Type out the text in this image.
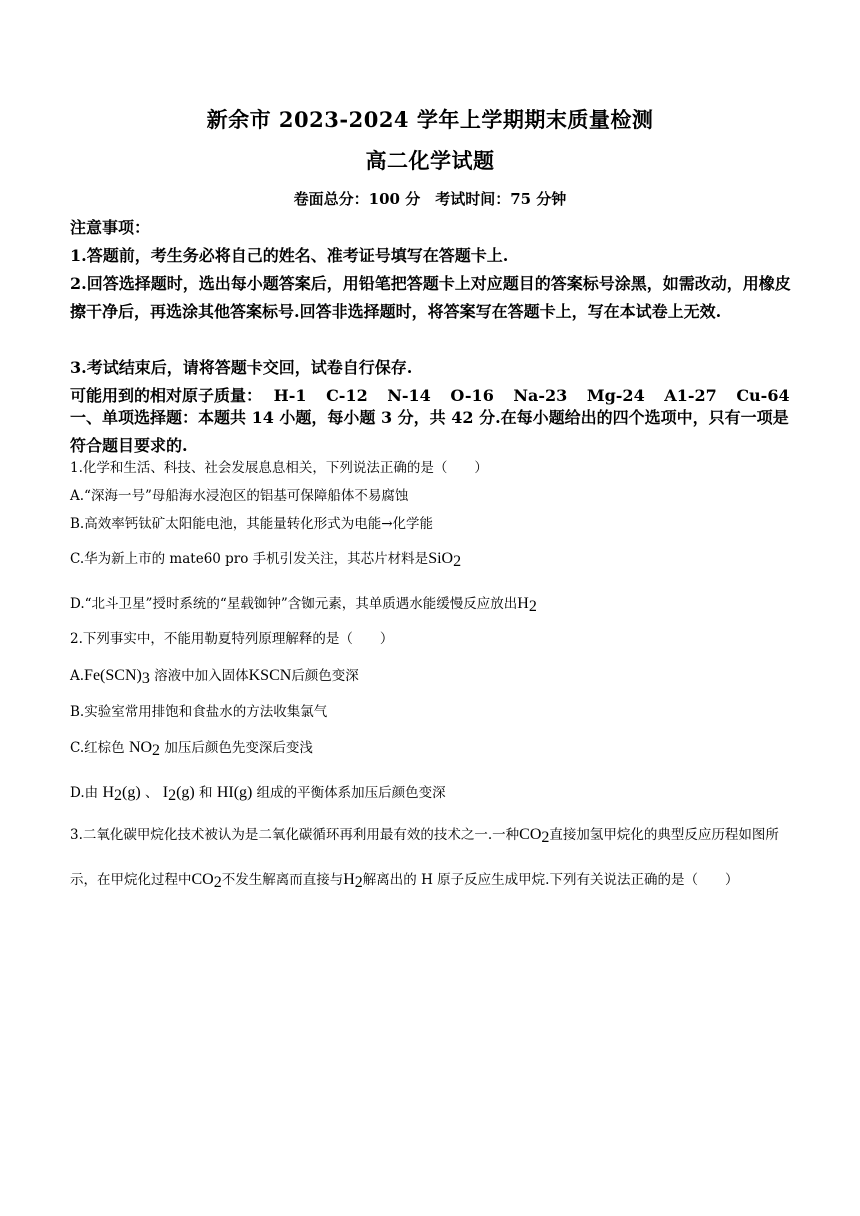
新余市 2023-2024 学年上学期期末质量检测
高二化学试题
卷面总分：100 分　考试时间：75 分钟
注意事项：
1.答题前，考生务必将自己的姓名、准考证号填写在答题卡上.
2.回答选择题时，选出每小题答案后，用铅笔把答题卡上对应题目的答案标号涂黑，如需改动，用橡皮擦干净后，再选涂其他答案标号.回答非选择题时，将答案写在答题卡上，写在本试卷上无效.
3.考试结束后，请将答题卡交回，试卷自行保存.
可能用到的相对原子质量： H-1 C-12 N-14 O-16 Na-23 Mg-24 A1-27 Cu-64
一、单项选择题：本题共 14 小题，每小题 3 分，共 42 分.在每小题给出的四个选项中，只有一项是符合题目要求的.
1.化学和生活、科技、社会发展息息相关，下列说法正确的是（　　）
A.“深海一号”母船海水浸泡区的铝基可保障船体不易腐蚀
B.高效率钙钛矿太阳能电池，其能量转化形式为电能→化学能
C.华为新上市的 mate60 pro 手机引发关注，其芯片材料是SiO$_2$
D.“北斗卫星”授时系统的“星载铷钟”含铷元素，其单质遇水能缓慢反应放出$H_2$
2.下列事实中，不能用勒夏特列原理解释的是（　　）
$A.Fe(SCN)_3$ 溶液中加入固体KSCN后颜色变深
B.实验室常用排饱和食盐水的方法收集氯气
C.红棕色 $NO_2$ 加压后颜色先变深后变浅
D.由 $H_2(g)$ 、 $I_2(g)$ 和 HI(g) 组成的平衡体系加压后颜色变深
3.二氧化碳甲烷化技术被认为是二氧化碳循环再利用最有效的技术之一.一种$CO_2$直接加氢甲烷化的典型反应历程如图所示，在甲烷化过程中$CO_2$不发生解离而直接与$H_2$解离出的 H 原子反应生成甲烷.下列有关说法正确的是（　　）
